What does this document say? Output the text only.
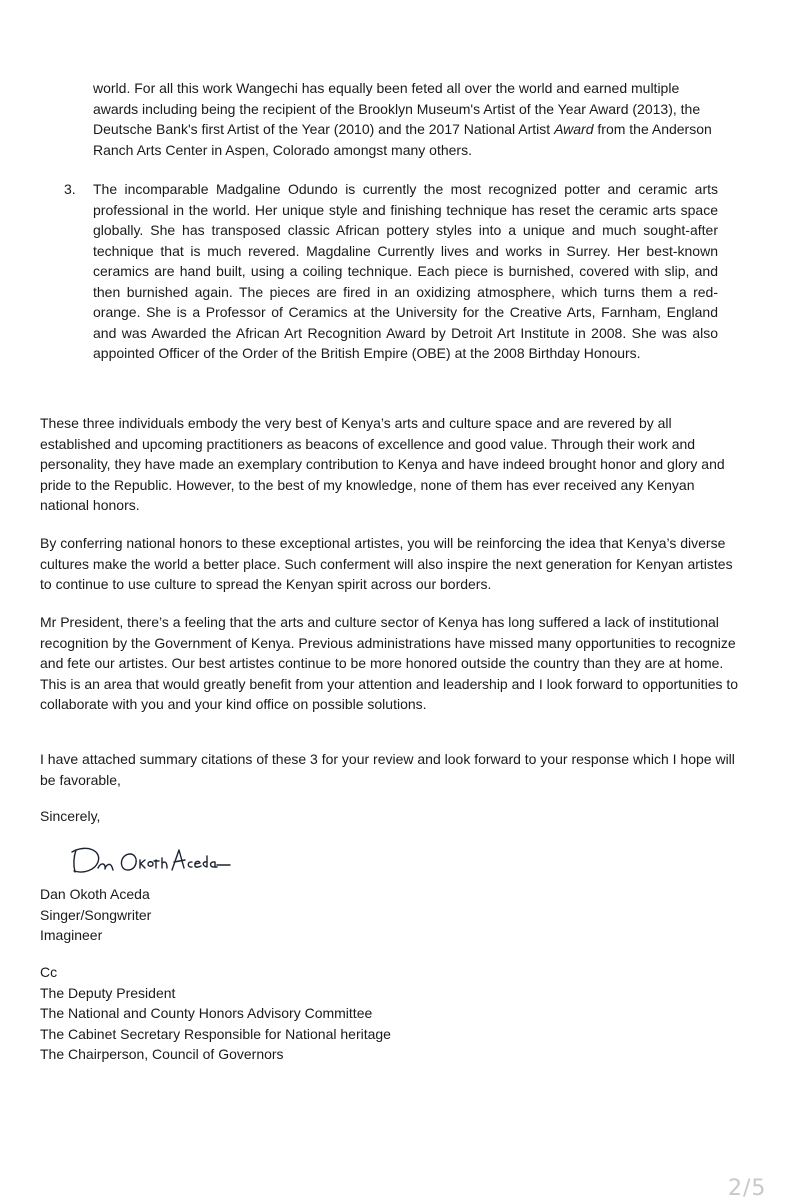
world. For all this work Wangechi has equally been feted all over the world and earned multiple awards including being the recipient of the Brooklyn Museum's Artist of the Year Award (2013), the Deutsche Bank's first Artist of the Year (2010) and the 2017 National Artist Award from the Anderson Ranch Arts Center in Aspen, Colorado amongst many others.

3. The incomparable Madgaline Odundo is currently the most recognized potter and ceramic arts professional in the world. Her unique style and finishing technique has reset the ceramic arts space globally. She has transposed classic African pottery styles into a unique and much sought-after technique that is much revered. Magdaline Currently lives and works in Surrey. Her best-known ceramics are hand built, using a coiling technique. Each piece is burnished, covered with slip, and then burnished again. The pieces are fired in an oxidizing atmosphere, which turns them a red-orange. She is a Professor of Ceramics at the University for the Creative Arts, Farnham, England and was Awarded the African Art Recognition Award by Detroit Art Institute in 2008. She was also appointed Officer of the Order of the British Empire (OBE) at the 2008 Birthday Honours.

These three individuals embody the very best of Kenya’s arts and culture space and are revered by all established and upcoming practitioners as beacons of excellence and good value. Through their work and personality, they have made an exemplary contribution to Kenya and have indeed brought honor and glory and pride to the Republic. However, to the best of my knowledge, none of them has ever received any Kenyan national honors.

By conferring national honors to these exceptional artistes, you will be reinforcing the idea that Kenya’s diverse cultures make the world a better place. Such conferment will also inspire the next generation for Kenyan artistes to continue to use culture to spread the Kenyan spirit across our borders.

Mr President, there’s a feeling that the arts and culture sector of Kenya has long suffered a lack of institutional recognition by the Government of Kenya. Previous administrations have missed many opportunities to recognize and fete our artistes. Our best artistes continue to be more honored outside the country than they are at home. This is an area that would greatly benefit from your attention and leadership and I look forward to opportunities to collaborate with you and your kind office on possible solutions.

I have attached summary citations of these 3 for your review and look forward to your response which I hope will be favorable,

Sincerely,

Dan Okoth Aceda
Singer/Songwriter
Imagineer
Cc
The Deputy President
The National and County Honors Advisory Committee
The Cabinet Secretary Responsible for National heritage
The Chairperson, Council of Governors
2/5
